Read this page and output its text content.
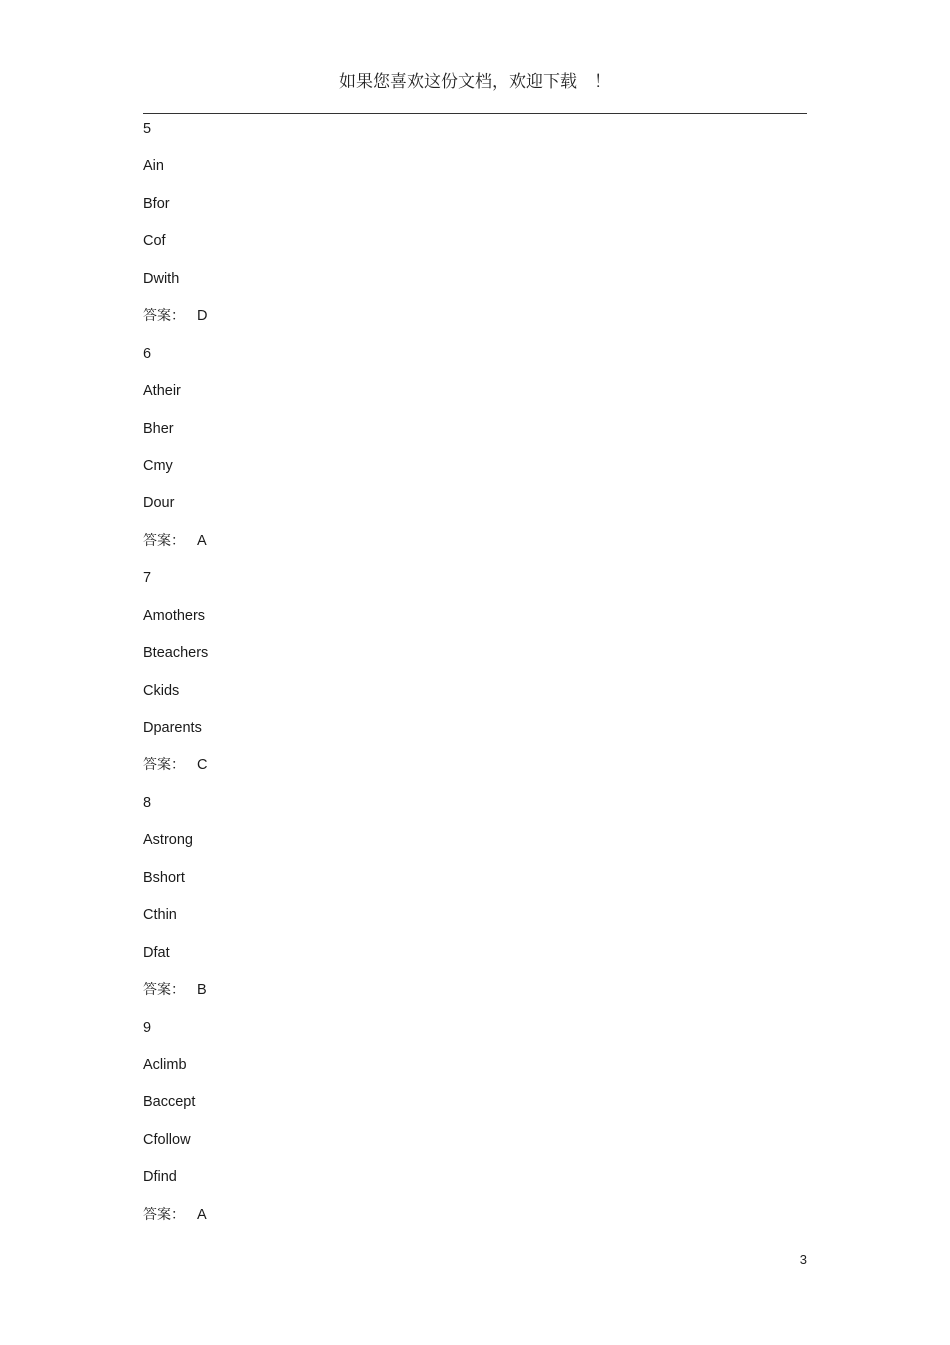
如果您喜欢这份文档，欢迎下载　！
5
Ain
Bfor
Cof
Dwith
答案： D
6
Atheir
Bher
Cmy
Dour
答案： A
7
Amothers
Bteachers
Ckids
Dparents
答案： C
8
Astrong
Bshort
Cthin
Dfat
答案： B
9
Aclimb
Baccept
Cfollow
Dfind
答案： A
3
